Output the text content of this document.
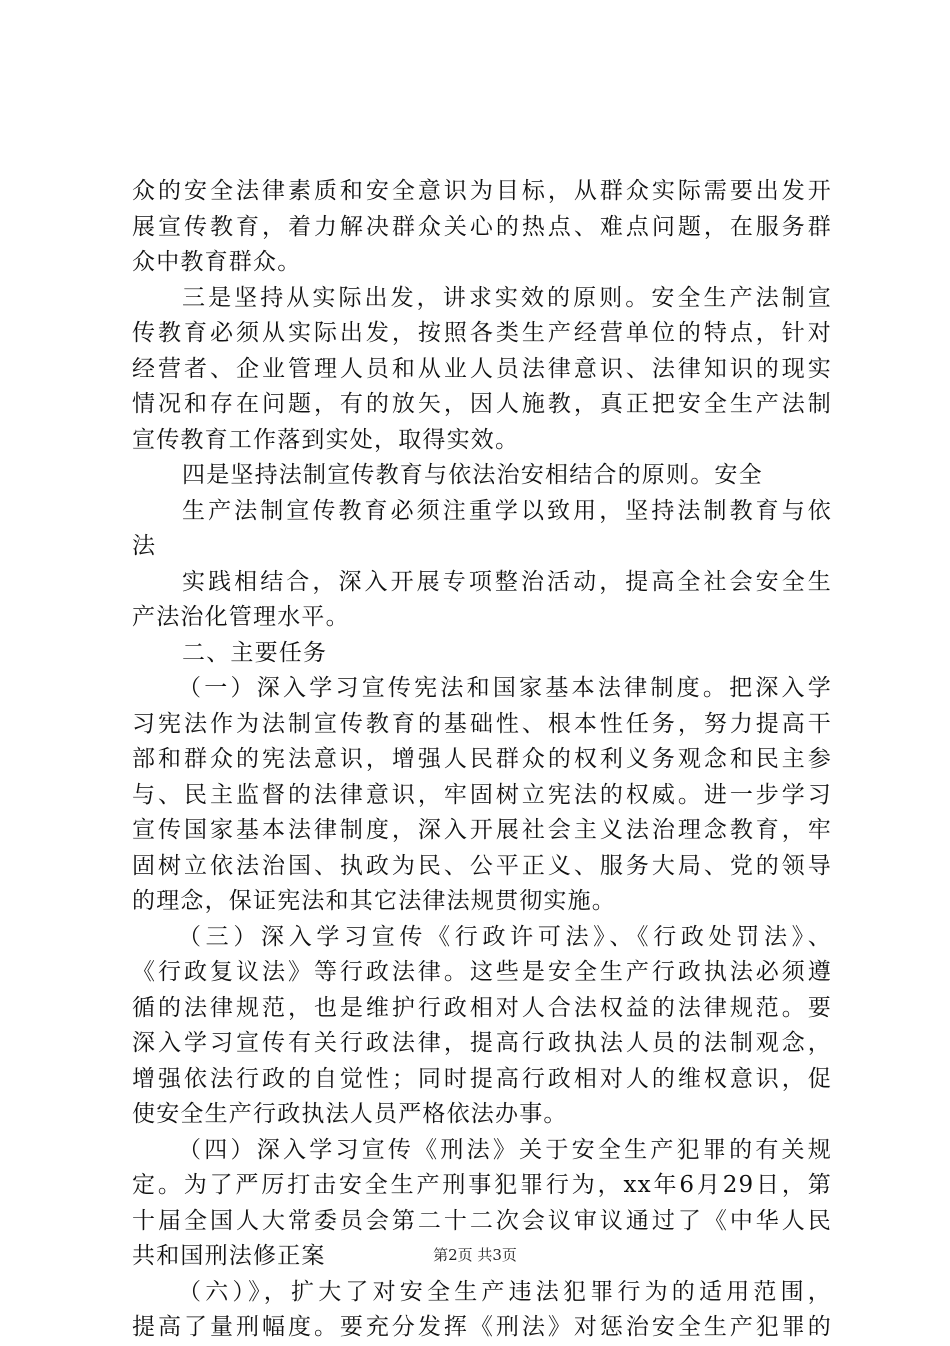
众的安全法律素质和安全意识为目标，从群众实际需要出发开
展宣传教育，着力解决群众关心的热点、难点问题，在服务群
众中教育群众。
三是坚持从实际出发，讲求实效的原则。安全生产法制宣
传教育必须从实际出发，按照各类生产经营单位的特点，针对
经营者、企业管理人员和从业人员法律意识、法律知识的现实
情况和存在问题，有的放矢，因人施教，真正把安全生产法制
宣传教育工作落到实处，取得实效。
四是坚持法制宣传教育与依法治安相结合的原则。安全
生产法制宣传教育必须注重学以致用，坚持法制教育与依
法
实践相结合，深入开展专项整治活动，提高全社会安全生
产法治化管理水平。
二、主要任务
（一）深入学习宣传宪法和国家基本法律制度。把深入学
习宪法作为法制宣传教育的基础性、根本性任务，努力提高干
部和群众的宪法意识，增强人民群众的权利义务观念和民主参
与、民主监督的法律意识，牢固树立宪法的权威。进一步学习
宣传国家基本法律制度，深入开展社会主义法治理念教育，牢
固树立依法治国、执政为民、公平正义、服务大局、党的领导
的理念，保证宪法和其它法律法规贯彻实施。
（三）深入学习宣传《行政许可法》、《行政处罚法》、
《行政复议法》等行政法律。这些是安全生产行政执法必须遵
循的法律规范，也是维护行政相对人合法权益的法律规范。要
深入学习宣传有关行政法律，提高行政执法人员的法制观念，
增强依法行政的自觉性；同时提高行政相对人的维权意识，促
使安全生产行政执法人员严格依法办事。
（四）深入学习宣传《刑法》关于安全生产犯罪的有关规
定。为了严厉打击安全生产刑事犯罪行为，xx年6月29日，第
十届全国人大常委员会第二十二次会议审议通过了《中华人民
共和国刑法修正案
（六）》，扩大了对安全生产违法犯罪行为的适用范围，
提高了量刑幅度。要充分发挥《刑法》对惩治安全生产犯罪的
第2页 共3页
